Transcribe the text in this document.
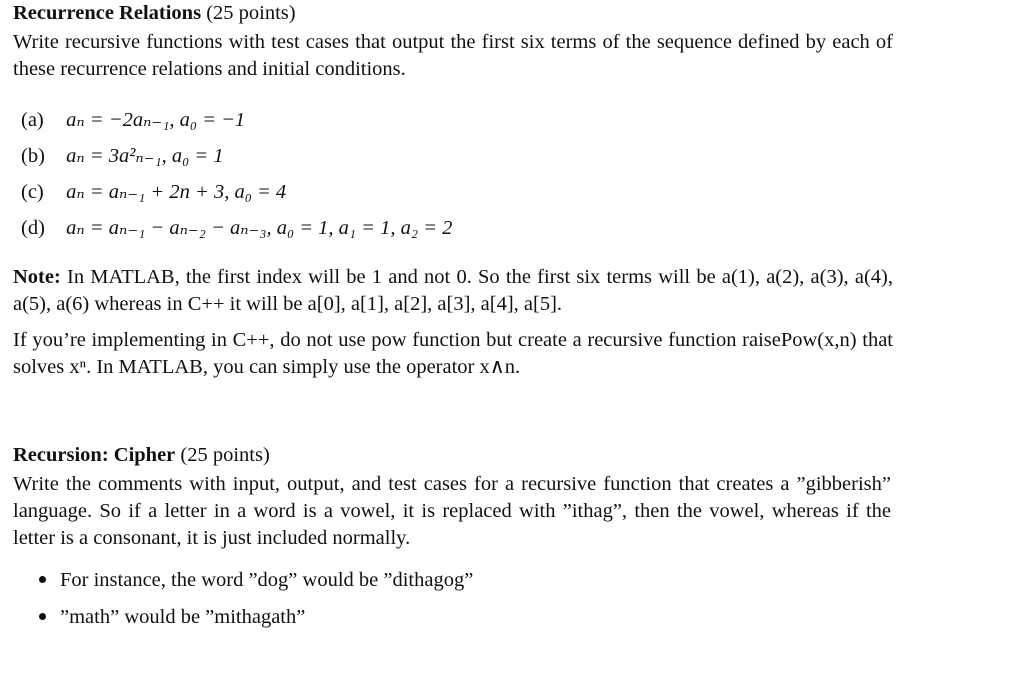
Recurrence Relations (25 points)
Write recursive functions with test cases that output the first six terms of the sequence defined by each of these recurrence relations and initial conditions.
(a) aₙ = −2aₙ₋₁, a₀ = −1
(b) aₙ = 3a²ₙ₋₁, a₀ = 1
(c) aₙ = aₙ₋₁ + 2n + 3, a₀ = 4
(d) aₙ = aₙ₋₁ − aₙ₋₂ − aₙ₋₃, a₀ = 1, a₁ = 1, a₂ = 2
Note: In MATLAB, the first index will be 1 and not 0. So the first six terms will be a(1), a(2), a(3), a(4), a(5), a(6) whereas in C++ it will be a[0], a[1], a[2], a[3], a[4], a[5].
If you’re implementing in C++, do not use pow function but create a recursive function raisePow(x,n) that solves xⁿ. In MATLAB, you can simply use the operator x∧n.
Recursion: Cipher (25 points)
Write the comments with input, output, and test cases for a recursive function that creates a ”gibberish” language. So if a letter in a word is a vowel, it is replaced with ”ithag”, then the vowel, whereas if the letter is a consonant, it is just included normally.
For instance, the word ”dog” would be ”dithagog”
”math” would be ”mithagath”
